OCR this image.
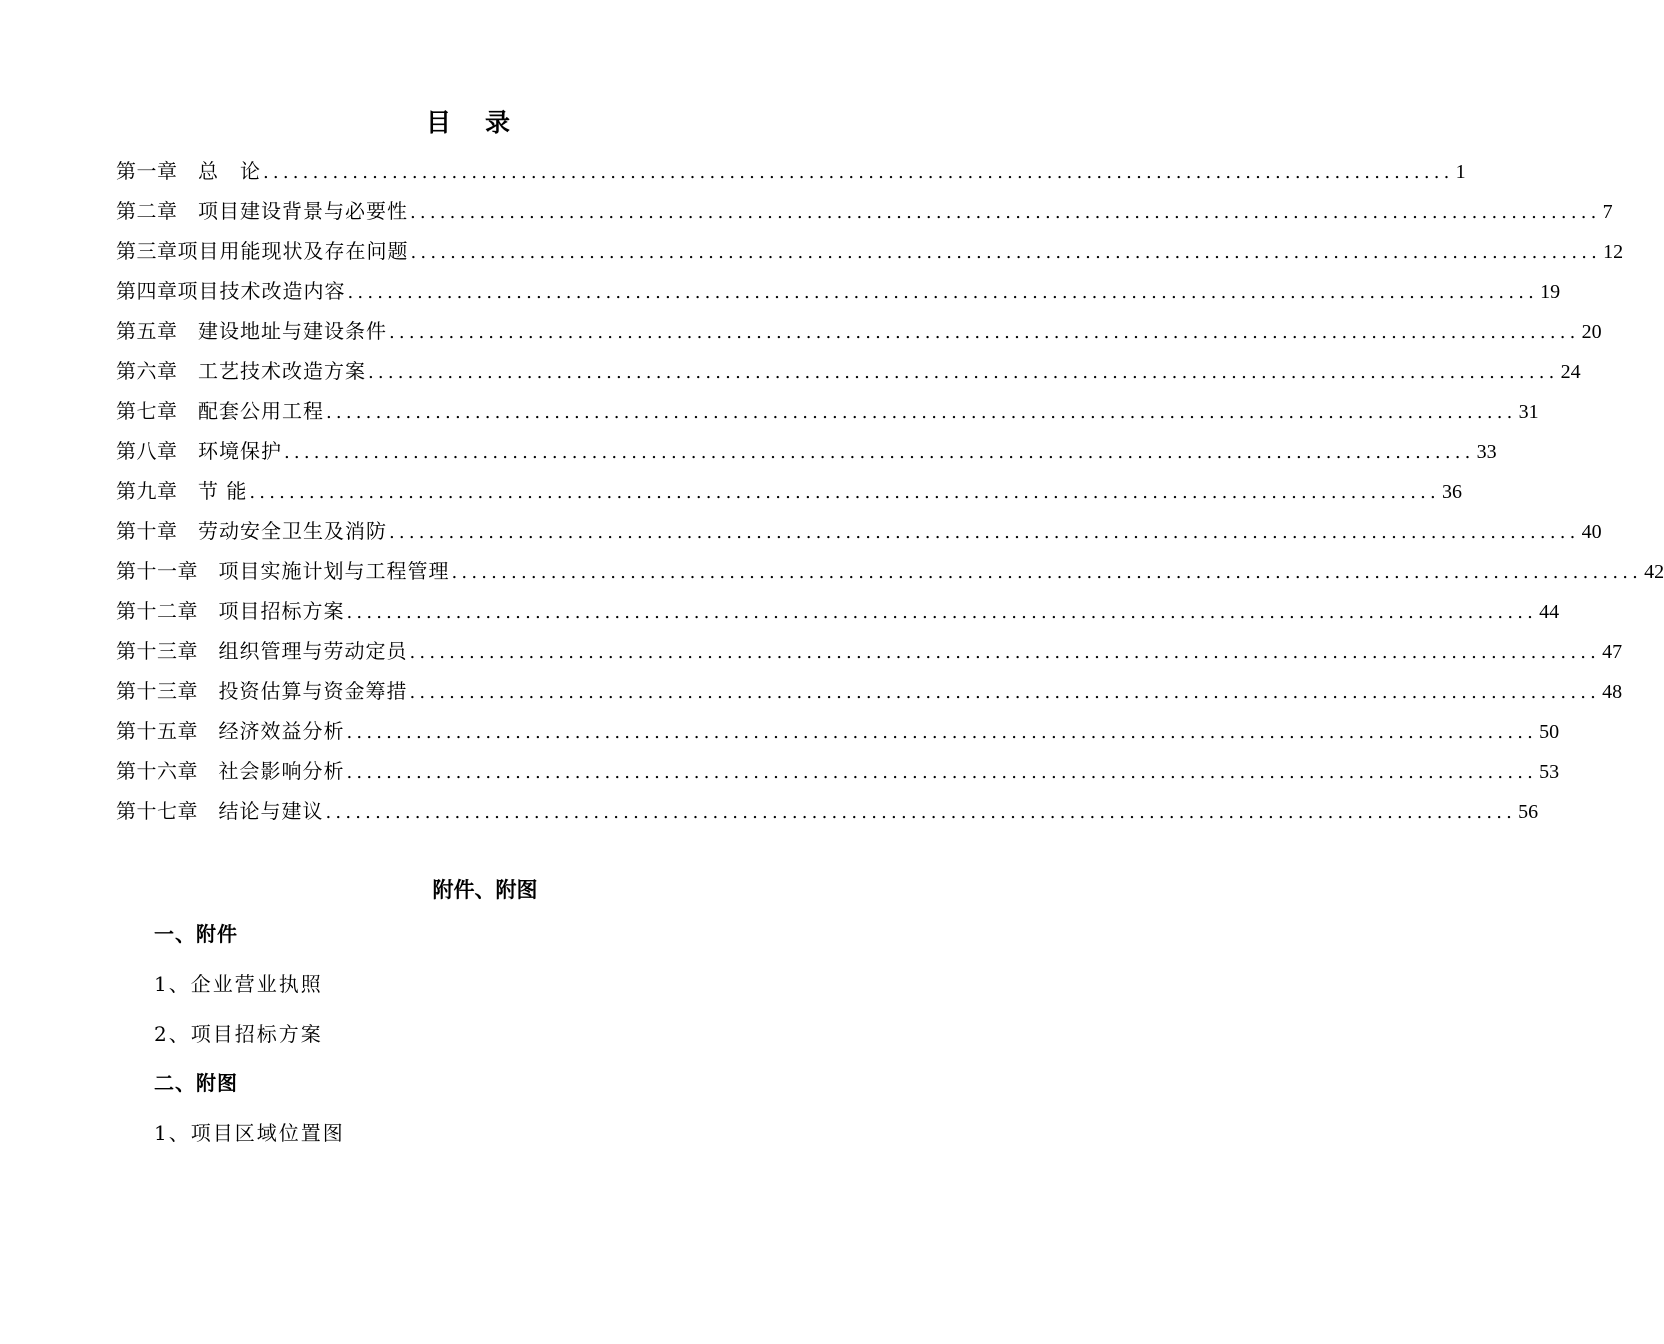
目录
第一章
　 总　论 ........................................................................................................................ 1
第二章
　 项目建设背景与必要性 ........................................................................................................................ 7
第三章 项目用能现状及存在问题 ........................................................................................................................ 12
第四章 项目技术改造内容 ........................................................................................................................ 19
第五章
　 建设地址与建设条件 ........................................................................................................................ 20
第六章
　 工艺技术改造方案 ........................................................................................................................ 24
第七章
　 配套公用工程 ........................................................................................................................ 31
第八章
　 环境保护 ........................................................................................................................ 33
第九章
　 节 能 ........................................................................................................................ 36
第十章
　 劳动安全卫生及消防 ........................................................................................................................ 40
第十一章
　 项目实施计划与工程管理 ........................................................................................................................ 42
第十二章
　 项目招标方案 ........................................................................................................................ 44
第十三章
　 组织管理与劳动定员 ........................................................................................................................ 47
第十三章
　 投资估算与资金筹措 ........................................................................................................................ 48
第十五章
　 经济效益分析 ........................................................................................................................ 50
第十六章
　 社会影响分析 ........................................................................................................................ 53
第十七章
　 结论与建议 ........................................................................................................................ 56
附件、附图
一、附件
1、企业营业执照
2、项目招标方案
二、附图
1、项目区域位置图
